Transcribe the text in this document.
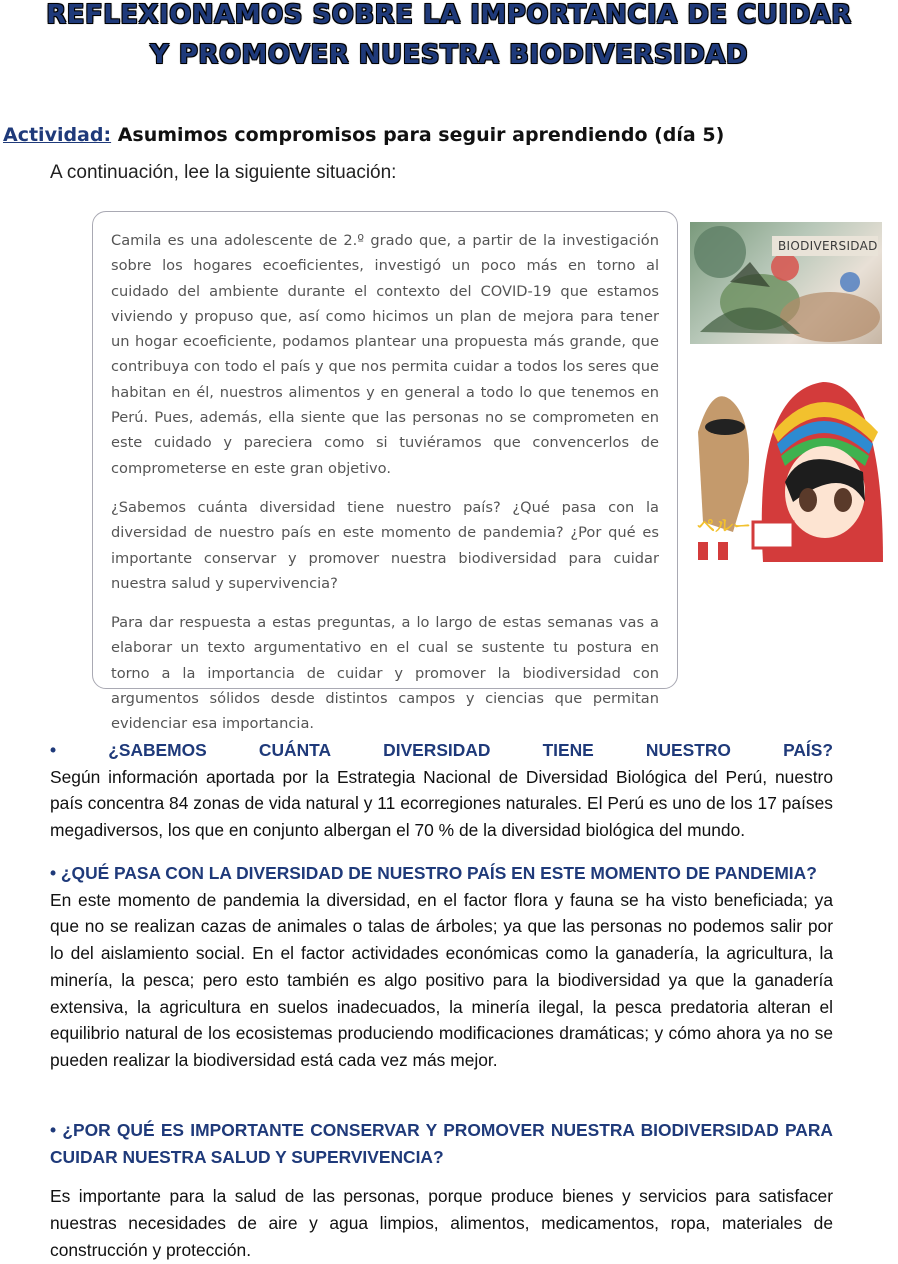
REFLEXIONAMOS SOBRE LA IMPORTANCIA DE CUIDAR
Y PROMOVER NUESTRA BIODIVERSIDAD
Actividad: Asumimos compromisos para seguir aprendiendo (día 5)
A continuación, lee la siguiente situación:

Camila es una adolescente de 2.º grado que, a partir de la investigación sobre los hogares ecoeficientes, investigó un poco más en torno al cuidado del ambiente durante el contexto del COVID-19 que estamos viviendo y propuso que, así como hicimos un plan de mejora para tener un hogar ecoeficiente, podamos plantear una propuesta más grande, que contribuya con todo el país y que nos permita cuidar a todos los seres que habitan en él, nuestros alimentos y en general a todo lo que tenemos en Perú. Pues, además, ella siente que las personas no se comprometen en este cuidado y pareciera como si tuviéramos que convencerlos de comprometerse en este gran objetivo.

¿Sabemos cuánta diversidad tiene nuestro país? ¿Qué pasa con la diversidad de nuestro país en este momento de pandemia? ¿Por qué es importante conservar y promover nuestra biodiversidad para cuidar nuestra salud y supervivencia?

Para dar respuesta a estas preguntas, a lo largo de estas semanas vas a elaborar un texto argumentativo en el cual se sustente tu postura en torno a la importancia de cuidar y promover la biodiversidad con argumentos sólidos desde distintos campos y ciencias que permitan evidenciar esa importancia.

BIODIVERSIDAD
ペルー
•	¿SABEMOS	CUÁNTA	DIVERSIDAD	TIENE	NUESTRO	PAÍS?
Según información aportada por la Estrategia Nacional de Diversidad Biológica del Perú, nuestro país concentra 84 zonas de vida natural y 11 ecorregiones naturales. El Perú es uno de los 17 países megadiversos, los que en conjunto albergan el 70 % de la diversidad biológica del mundo.
• ¿QUÉ PASA CON LA DIVERSIDAD DE NUESTRO PAÍS EN ESTE MOMENTO DE PANDEMIA?
En este momento de pandemia la diversidad, en el factor flora y fauna se ha visto beneficiada; ya que no se realizan cazas de animales o talas de árboles; ya que las personas no podemos salir por lo del aislamiento social. En el factor actividades económicas como la ganadería, la agricultura, la minería, la pesca; pero esto también es algo positivo para la biodiversidad ya que la ganadería extensiva, la agricultura en suelos inadecuados, la minería ilegal, la pesca predatoria alteran el equilibrio natural de los ecosistemas produciendo modificaciones dramáticas; y cómo ahora ya no se pueden realizar la biodiversidad está cada vez más mejor.
• ¿POR QUÉ ES IMPORTANTE CONSERVAR Y PROMOVER NUESTRA BIODIVERSIDAD PARA CUIDAR NUESTRA SALUD Y SUPERVIVENCIA?
Es importante para la salud de las personas, porque produce bienes y servicios para satisfacer nuestras necesidades de aire y agua limpios, alimentos, medicamentos, ropa, materiales de construcción y protección.
